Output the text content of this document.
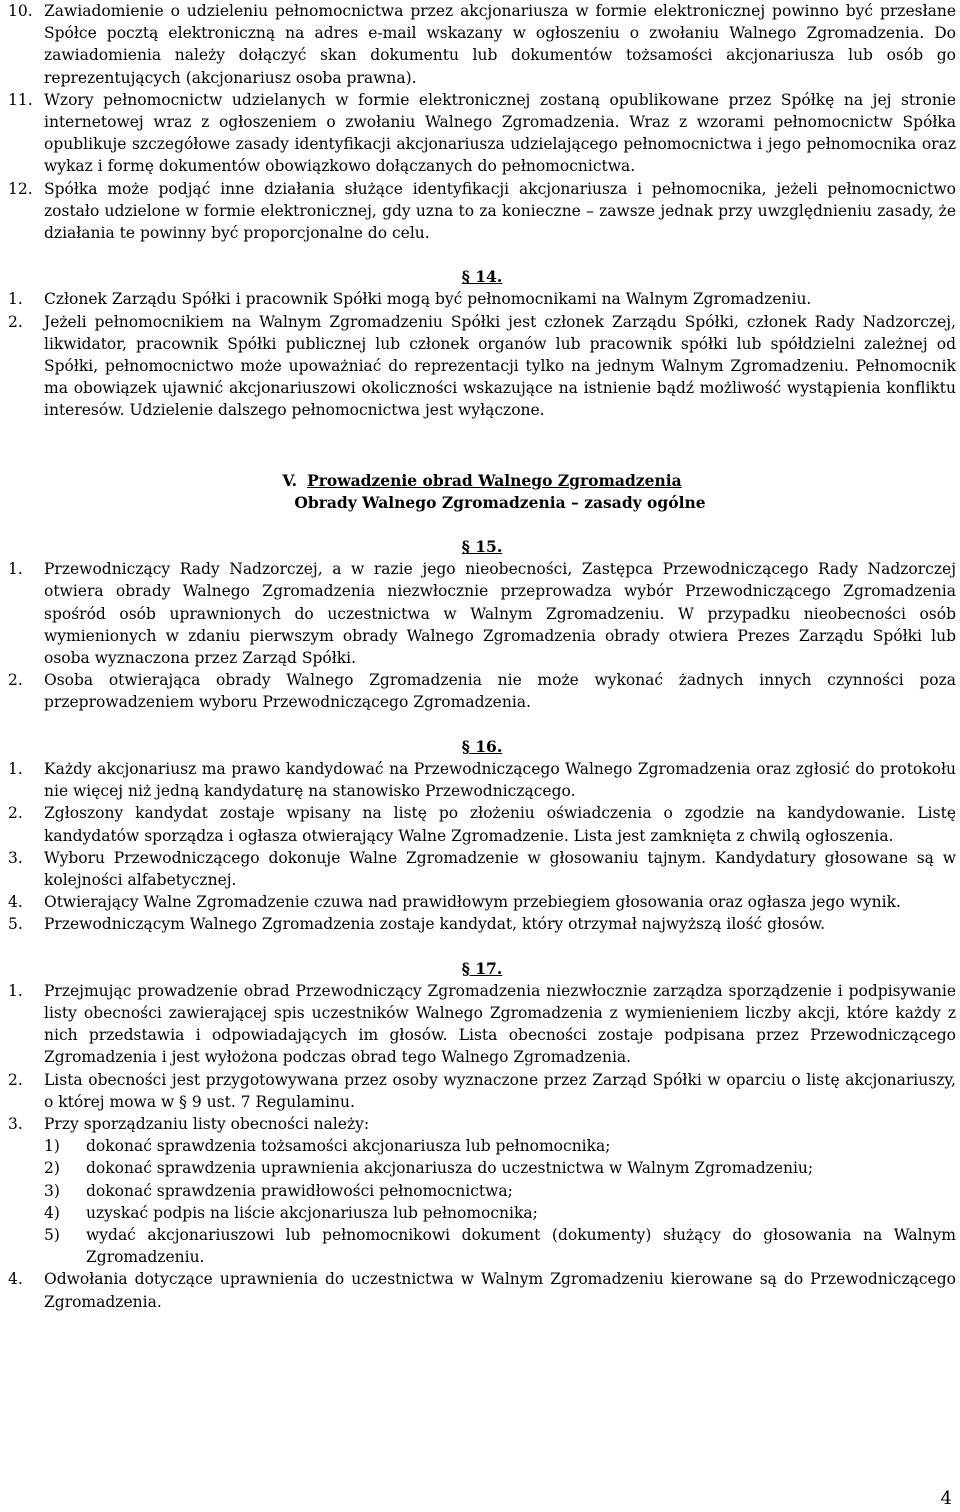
10. Zawiadomienie o udzieleniu pełnomocnictwa przez akcjonariusza w formie elektronicznej powinno być przesłane Spółce pocztą elektroniczną na adres e-mail wskazany w ogłoszeniu o zwołaniu Walnego Zgromadzenia. Do zawiadomienia należy dołączyć skan dokumentu lub dokumentów tożsamości akcjonariusza lub osób go reprezentujących (akcjonariusz osoba prawna).
11. Wzory pełnomocnictw udzielanych w formie elektronicznej zostaną opublikowane przez Spółkę na jej stronie internetowej wraz z ogłoszeniem o zwołaniu Walnego Zgromadzenia. Wraz z wzorami pełnomocnictw Spółka opublikuje szczegółowe zasady identyfikacji akcjonariusza udzielającego pełnomocnictwa i jego pełnomocnika oraz wykaz i formę dokumentów obowiązkowo dołączanych do pełnomocnictwa.
12. Spółka może podjąć inne działania służące identyfikacji akcjonariusza i pełnomocnika, jeżeli pełnomocnictwo zostało udzielone w formie elektronicznej, gdy uzna to za konieczne – zawsze jednak przy uwzględnieniu zasady, że działania te powinny być proporcjonalne do celu.

§ 14.

1. Członek Zarządu Spółki i pracownik Spółki mogą być pełnomocnikami na Walnym Zgromadzeniu.
2. Jeżeli pełnomocnikiem na Walnym Zgromadzeniu Spółki jest członek Zarządu Spółki, członek Rady Nadzorczej, likwidator, pracownik Spółki publicznej lub członek organów lub pracownik spółki lub spółdzielni zależnej od Spółki, pełnomocnictwo może upoważniać do reprezentacji tylko na jednym Walnym Zgromadzeniu. Pełnomocnik ma obowiązek ujawnić akcjonariuszowi okoliczności wskazujące na istnienie bądź możliwość wystąpienia konfliktu interesów. Udzielenie dalszego pełnomocnictwa jest wyłączone.

V. Prowadzenie obrad Walnego Zgromadzenia

Obrady Walnego Zgromadzenia – zasady ogólne

§ 15.

1. Przewodniczący Rady Nadzorczej, a w razie jego nieobecności, Zastępca Przewodniczącego Rady Nadzorczej otwiera obrady Walnego Zgromadzenia niezwłocznie przeprowadza wybór Przewodniczącego Zgromadzenia spośród osób uprawnionych do uczestnictwa w Walnym Zgromadzeniu. W przypadku nieobecności osób wymienionych w zdaniu pierwszym obrady Walnego Zgromadzenia obrady otwiera Prezes Zarządu Spółki lub osoba wyznaczona przez Zarząd Spółki.
2. Osoba otwierająca obrady Walnego Zgromadzenia nie może wykonać żadnych innych czynności poza przeprowadzeniem wyboru Przewodniczącego Zgromadzenia.

§ 16.

1. Każdy akcjonariusz ma prawo kandydować na Przewodniczącego Walnego Zgromadzenia oraz zgłosić do protokołu nie więcej niż jedną kandydaturę na stanowisko Przewodniczącego.
2. Zgłoszony kandydat zostaje wpisany na listę po złożeniu oświadczenia o zgodzie na kandydowanie. Listę kandydatów sporządza i ogłasza otwierający Walne Zgromadzenie. Lista jest zamknięta z chwilą ogłoszenia.
3. Wyboru Przewodniczącego dokonuje Walne Zgromadzenie w głosowaniu tajnym. Kandydatury głosowane są w kolejności alfabetycznej.
4. Otwierający Walne Zgromadzenie czuwa nad prawidłowym przebiegiem głosowania oraz ogłasza jego wynik.
5. Przewodniczącym Walnego Zgromadzenia zostaje kandydat, który otrzymał najwyższą ilość głosów.

§ 17.

1. Przejmując prowadzenie obrad Przewodniczący Zgromadzenia niezwłocznie zarządza sporządzenie i podpisywanie listy obecności zawierającej spis uczestników Walnego Zgromadzenia z wymienieniem liczby akcji, które każdy z nich przedstawia i odpowiadających im głosów. Lista obecności zostaje podpisana przez Przewodniczącego Zgromadzenia i jest wyłożona podczas obrad tego Walnego Zgromadzenia.
2. Lista obecności jest przygotowywana przez osoby wyznaczone przez Zarząd Spółki w oparciu o listę akcjonariuszy, o której mowa w § 9 ust. 7 Regulaminu.
3. Przy sporządzaniu listy obecności należy:
1) dokonać sprawdzenia tożsamości akcjonariusza lub pełnomocnika;
2) dokonać sprawdzenia uprawnienia akcjonariusza do uczestnictwa w Walnym Zgromadzeniu;
3) dokonać sprawdzenia prawidłowości pełnomocnictwa;
4) uzyskać podpis na liście akcjonariusza lub pełnomocnika;
5) wydać akcjonariuszowi lub pełnomocnikowi dokument (dokumenty) służący do głosowania na Walnym Zgromadzeniu.
4. Odwołania dotyczące uprawnienia do uczestnictwa w Walnym Zgromadzeniu kierowane są do Przewodniczącego Zgromadzenia.
4
